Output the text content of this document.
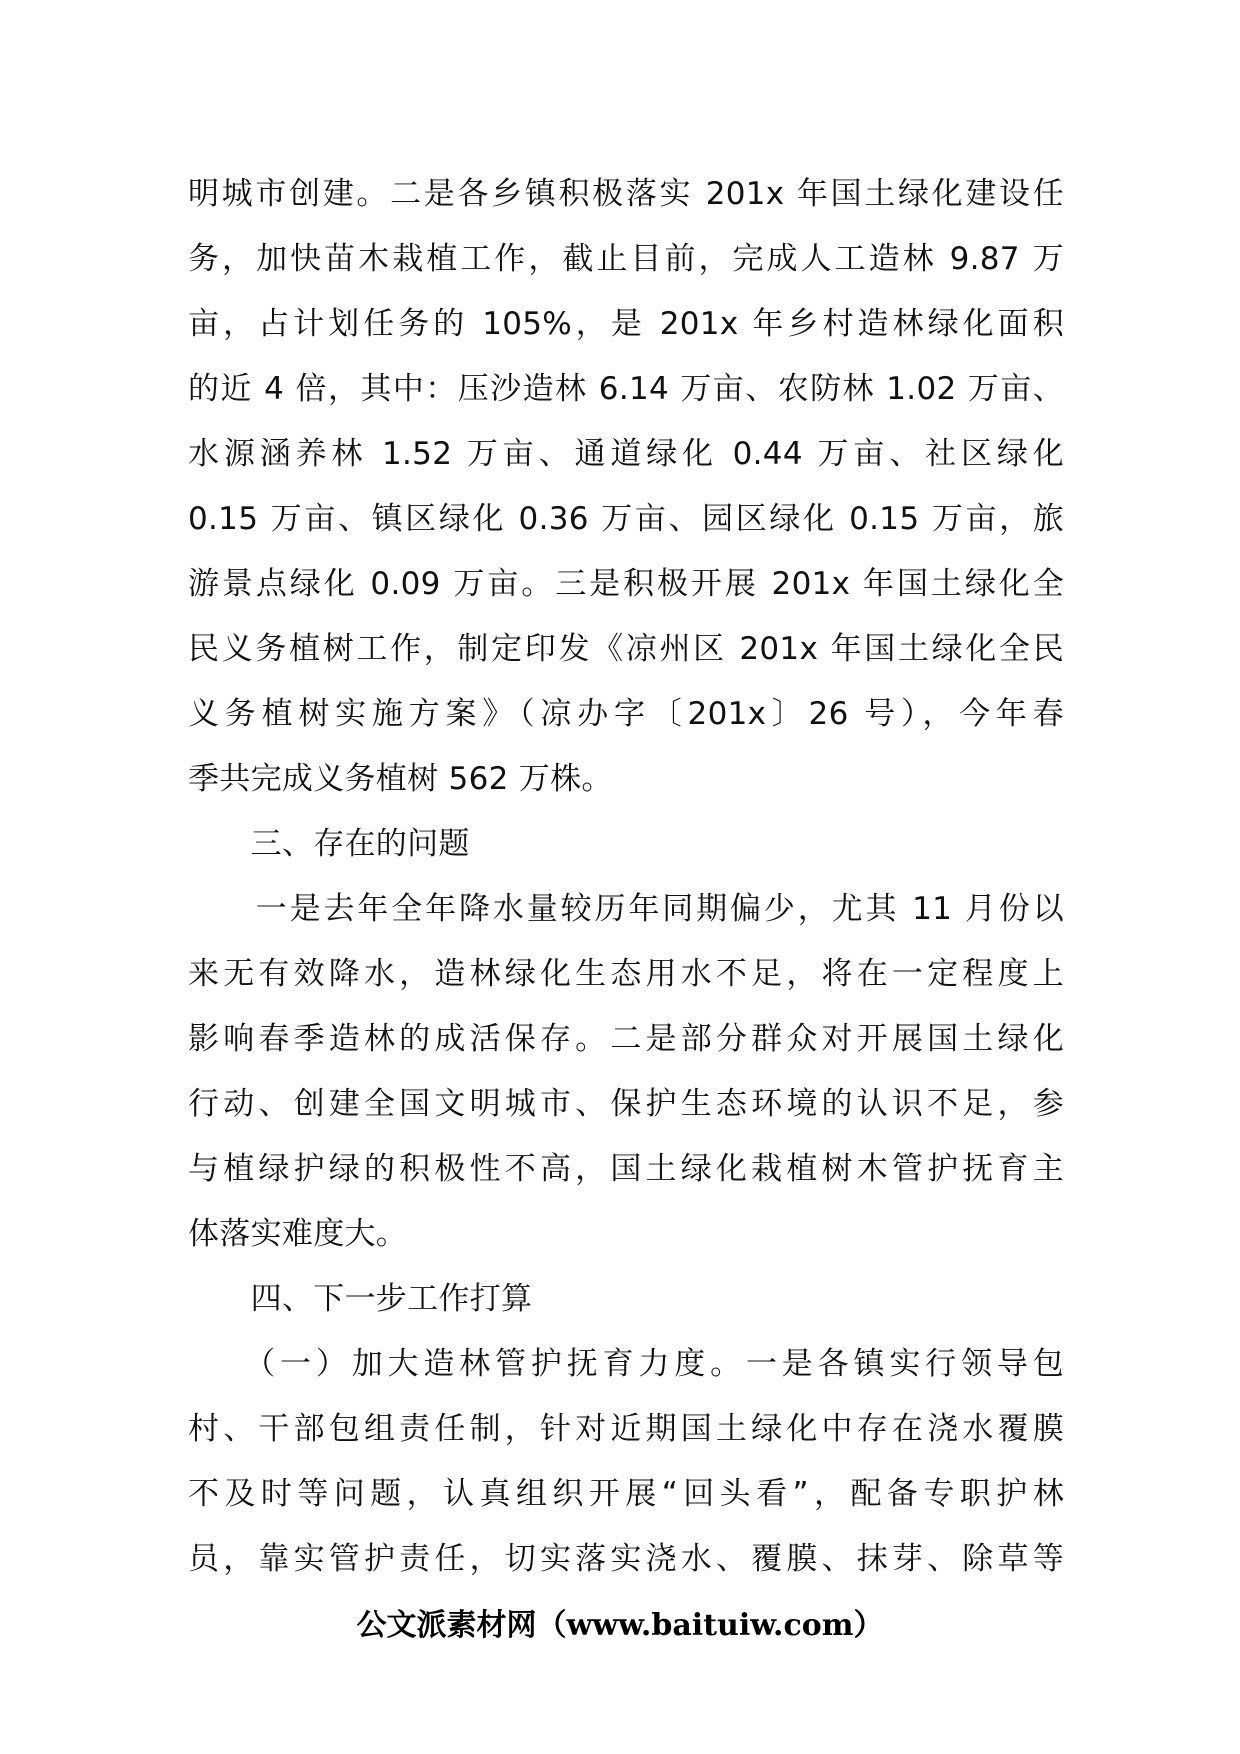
明城市创建。二是各乡镇积极落实 201x 年国土绿化建设任
务，加快苗木栽植工作，截止目前，完成人工造林 9.87 万
亩，占计划任务的 105%，是 201x 年乡村造林绿化面积
的近 4 倍，其中：压沙造林 6.14 万亩、农防林 1.02 万亩、
水源涵养林 1.52 万亩、通道绿化 0.44 万亩、社区绿化
0.15 万亩、镇区绿化 0.36 万亩、园区绿化 0.15 万亩，旅
游景点绿化 0.09 万亩。三是积极开展 201x 年国土绿化全
民义务植树工作，制定印发《凉州区 201x 年国土绿化全民
义务植树实施方案》（凉办字〔201x〕26 号），今年春
季共完成义务植树 562 万株。
　　三、存在的问题
　　一是去年全年降水量较历年同期偏少，尤其 11 月份以
来无有效降水，造林绿化生态用水不足，将在一定程度上
影响春季造林的成活保存。二是部分群众对开展国土绿化
行动、创建全国文明城市、保护生态环境的认识不足，参
与植绿护绿的积极性不高，国土绿化栽植树木管护抚育主
体落实难度大。
　　四、下一步工作打算
　　（一）加大造林管护抚育力度。一是各镇实行领导包
村、干部包组责任制，针对近期国土绿化中存在浇水覆膜
不及时等问题，认真组织开展“回头看”，配备专职护林
员，靠实管护责任，切实落实浇水、覆膜、抹芽、除草等
公文派素材网（www.baituiw.com）
